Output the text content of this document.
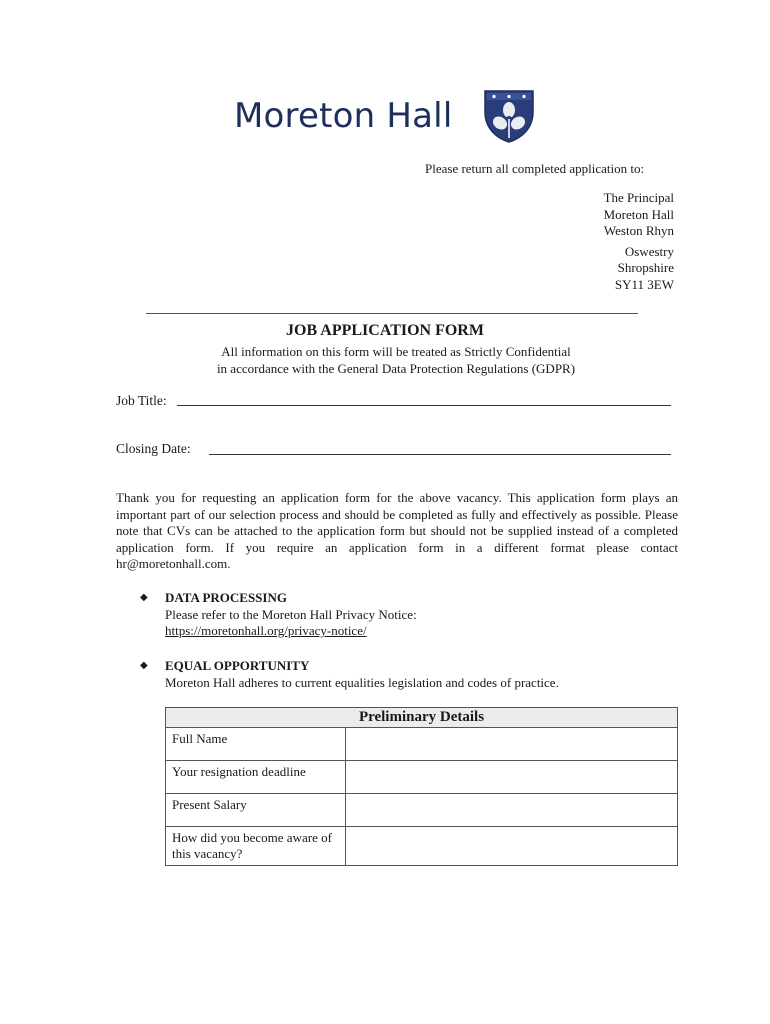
Moreton Hall
Please return all completed application to:
The Principal
Moreton Hall
Weston Rhyn
Oswestry
Shropshire
SY11 3EW
JOB APPLICATION FORM
All information on this form will be treated as Strictly Confidential
in accordance with the General Data Protection Regulations (GDPR)
Job Title:
Closing Date:
Thank you for requesting an application form for the above vacancy. This application form plays an important part of our selection process and should be completed as fully and effectively as possible. Please note that CVs can be attached to the application form but should not be supplied instead of a completed application form. If you require an application form in a different format please contact hr@moretonhall.com.
◆	DATA PROCESSING
Please refer to the Moreton Hall Privacy Notice:
https://moretonhall.org/privacy-notice/
◆	EQUAL OPPORTUNITY
Moreton Hall adheres to current equalities legislation and codes of practice.
Preliminary Details	
Full Name	
Your resignation deadline	
Present Salary	
How did you become aware of this vacancy?	
